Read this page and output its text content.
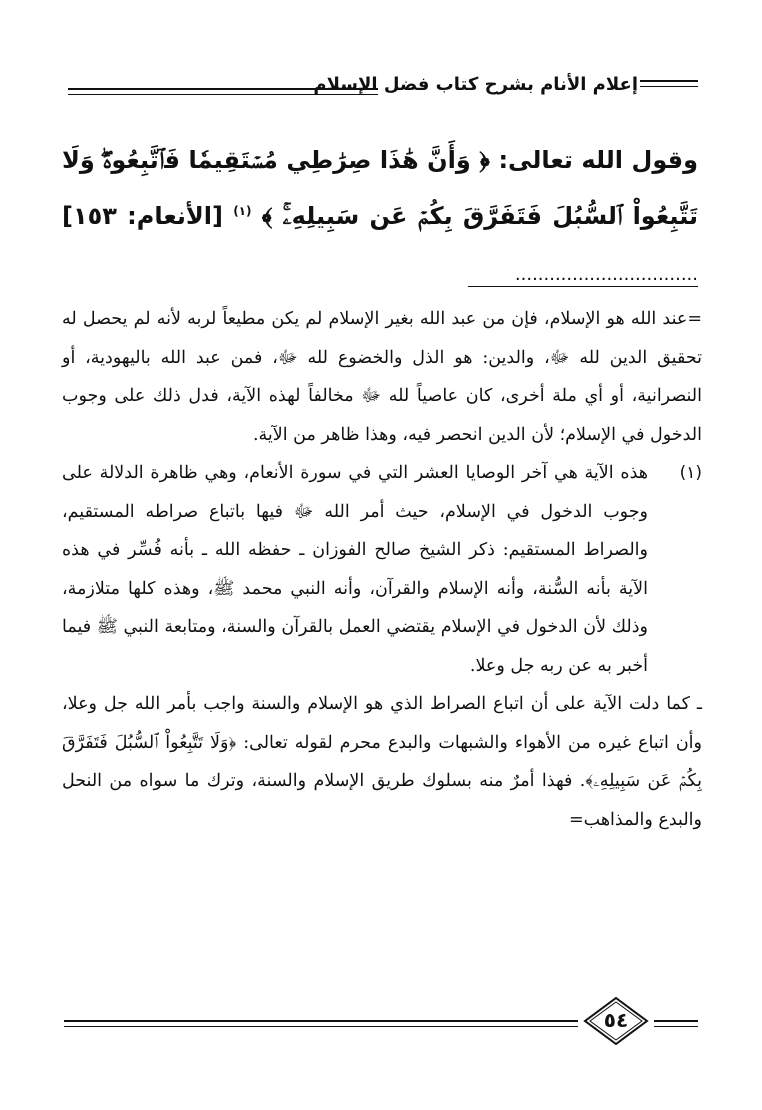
إعلام الأنام بشرح كتاب فضل الإسلام
وقول الله تعالى: ﴿ وَأَنَّ هَٰذَا صِرَٰطِي مُسۡتَقِيمٗا فَٱتَّبِعُوهُۖ وَلَا تَتَّبِعُواْ ٱلسُّبُلَ فَتَفَرَّقَ بِكُمۡ عَن سَبِيلِهِۦۚ ﴾ $^{(١)}$ [الأنعام: ١٥٣] ................................

=عند الله هو الإسلام، فإن من عبد الله بغير الإسلام لم يكن مطيعاً لربه لأنه لم يحصل له تحقيق الدين لله ﷻ، والدين: هو الذل والخضوع لله ﷻ، فمن عبد الله باليهودية، أو النصرانية، أو أي ملة أخرى، كان عاصياً لله ﷻ مخالفاً لهذه الآية، فدل ذلك على وجوب الدخول في الإسلام؛ لأن الدين انحصر فيه، وهذا ظاهر من الآية.

(١)
هذه الآية هي آخر الوصايا العشر التي في سورة الأنعام، وهي ظاهرة الدلالة على وجوب الدخول في الإسلام، حيث أمر الله ﷻ فيها باتباع صراطه المستقيم، والصراط المستقيم: ذكر الشيخ صالح الفوزان ـ حفظه الله ـ بأنه فُسِّر في هذه الآية بأنه السُّنة، وأنه الإسلام والقرآن، وأنه النبي محمد ﷺ، وهذه كلها متلازمة، وذلك لأن الدخول في الإسلام يقتضي العمل بالقرآن والسنة، ومتابعة النبي ﷺ فيما أخبر به عن ربه جل وعلا.

ـ كما دلت الآية على أن اتباع الصراط الذي هو الإسلام والسنة واجب بأمر الله جل وعلا، وأن اتباع غيره من الأهواء والشبهات والبدع محرم لقوله تعالى: ﴿وَلَا تَتَّبِعُواْ ٱلسُّبُلَ فَتَفَرَّقَ بِكُمۡ عَن سَبِيلِهِۦ﴾. فهذا أمرٌ منه بسلوك طريق الإسلام والسنة، وترك ما سواه من النحل والبدع والمذاهب=

٥٤
